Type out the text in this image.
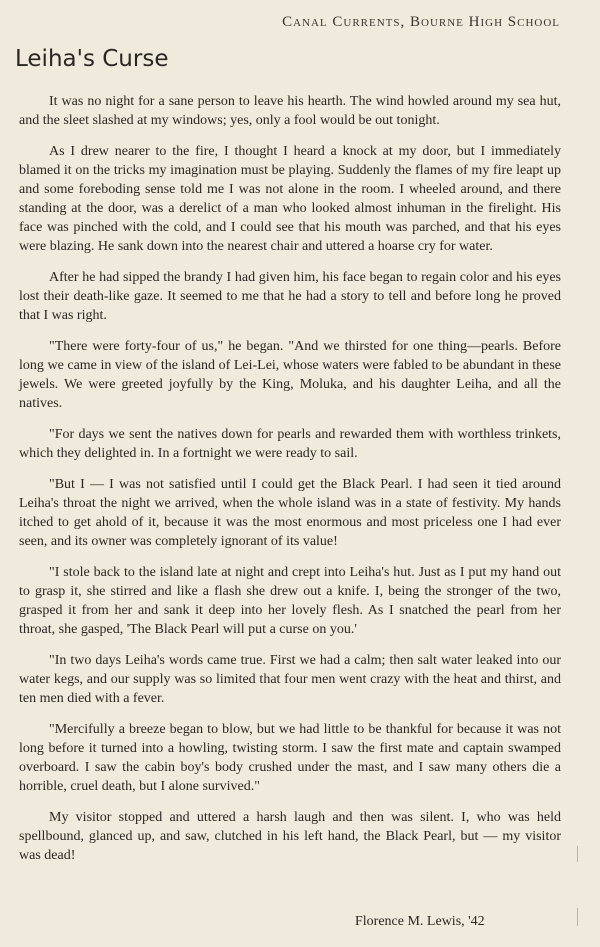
Canal Currents, Bourne High School
Leiha's Curse

It was no night for a sane person to leave his hearth. The wind howled around my sea hut, and the sleet slashed at my windows; yes, only a fool would be out tonight.

As I drew nearer to the fire, I thought I heard a knock at my door, but I immediately blamed it on the tricks my imagination must be playing. Suddenly the flames of my fire leapt up and some foreboding sense told me I was not alone in the room. I wheeled around, and there standing at the door, was a derelict of a man who looked almost inhuman in the firelight. His face was pinched with the cold, and I could see that his mouth was parched, and that his eyes were blazing. He sank down into the nearest chair and uttered a hoarse cry for water.

After he had sipped the brandy I had given him, his face began to regain color and his eyes lost their death-like gaze. It seemed to me that he had a story to tell and before long he proved that I was right.

"There were forty-four of us," he began. "And we thirsted for one thing—pearls. Before long we came in view of the island of Lei-Lei, whose waters were fabled to be abundant in these jewels. We were greeted joyfully by the King, Moluka, and his daughter Leiha, and all the natives.

"For days we sent the natives down for pearls and rewarded them with worthless trinkets, which they delighted in. In a fortnight we were ready to sail.

"But I — I was not satisfied until I could get the Black Pearl. I had seen it tied around Leiha's throat the night we arrived, when the whole island was in a state of festivity. My hands itched to get ahold of it, because it was the most enormous and most priceless one I had ever seen, and its owner was completely ignorant of its value!

"I stole back to the island late at night and crept into Leiha's hut. Just as I put my hand out to grasp it, she stirred and like a flash she drew out a knife. I, being the stronger of the two, grasped it from her and sank it deep into her lovely flesh. As I snatched the pearl from her throat, she gasped, 'The Black Pearl will put a curse on you.'

"In two days Leiha's words came true. First we had a calm; then salt water leaked into our water kegs, and our supply was so limited that four men went crazy with the heat and thirst, and ten men died with a fever.

"Mercifully a breeze began to blow, but we had little to be thankful for because it was not long before it turned into a howling, twisting storm. I saw the first mate and captain swamped overboard. I saw the cabin boy's body crushed under the mast, and I saw many others die a horrible, cruel death, but I alone survived."

My visitor stopped and uttered a harsh laugh and then was silent. I, who was held spellbound, glanced up, and saw, clutched in his left hand, the Black Pearl, but — my visitor was dead!

Florence M. Lewis, '42
